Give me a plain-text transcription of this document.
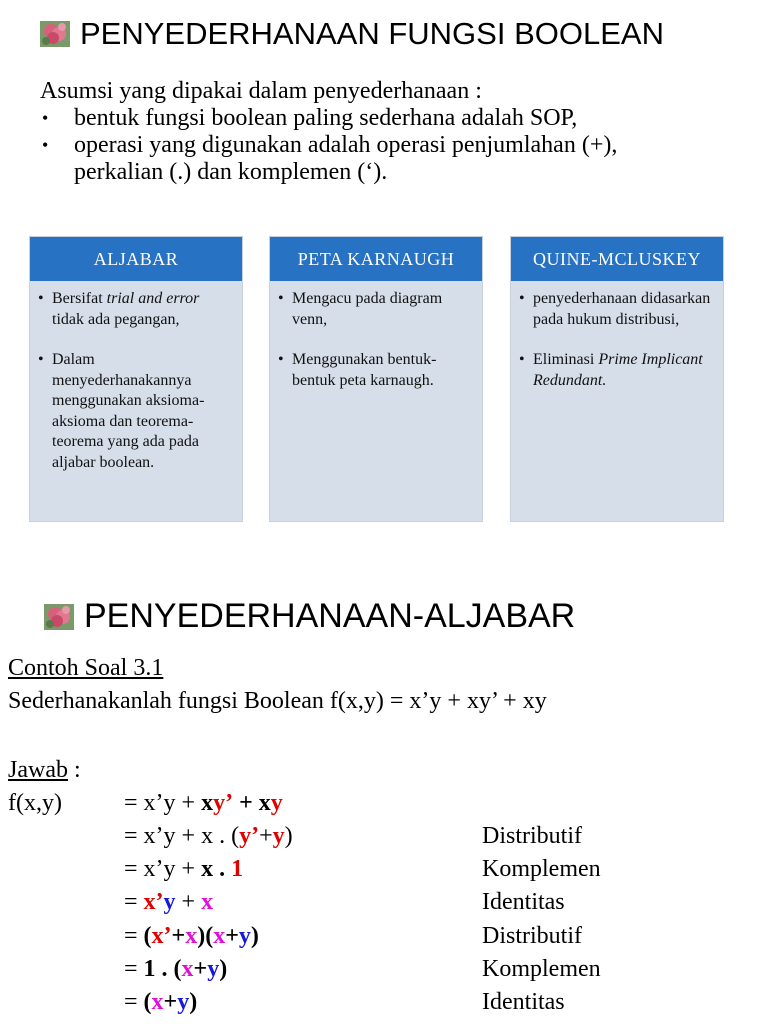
PENYEDERHANAAN FUNGSI BOOLEAN
Asumsi yang dipakai dalam penyederhanaan :
• bentuk fungsi boolean paling sederhana adalah SOP,
• operasi yang digunakan adalah operasi penjumlahan (+),
perkalian (.) dan komplemen (‘).
ALJABAR
• Bersifat trial and error tidak ada pegangan,
• Dalam menyederhanakannya menggunakan aksioma-aksioma dan teorema-teorema yang ada pada aljabar boolean.
PETA KARNAUGH
• Mengacu pada diagram venn,
• Menggunakan bentuk-bentuk peta karnaugh.
QUINE-MCLUSKEY
• penyederhanaan didasarkan pada hukum distribusi,
• Eliminasi Prime Implicant Redundant.
PENYEDERHANAAN-ALJABAR
Contoh Soal 3.1
Sederhanakanlah fungsi Boolean f(x,y) = x’y + xy’ + xy
Jawab :
f(x,y)	= x’y + xy’ + xy
= x’y + x . (y’+y)	Distributif
= x’y + x . 1	Komplemen
= x’y + x	Identitas
= (x’+x)(x+y)	Distributif
= 1 . (x+y)	Komplemen
= (x+y)	Identitas
